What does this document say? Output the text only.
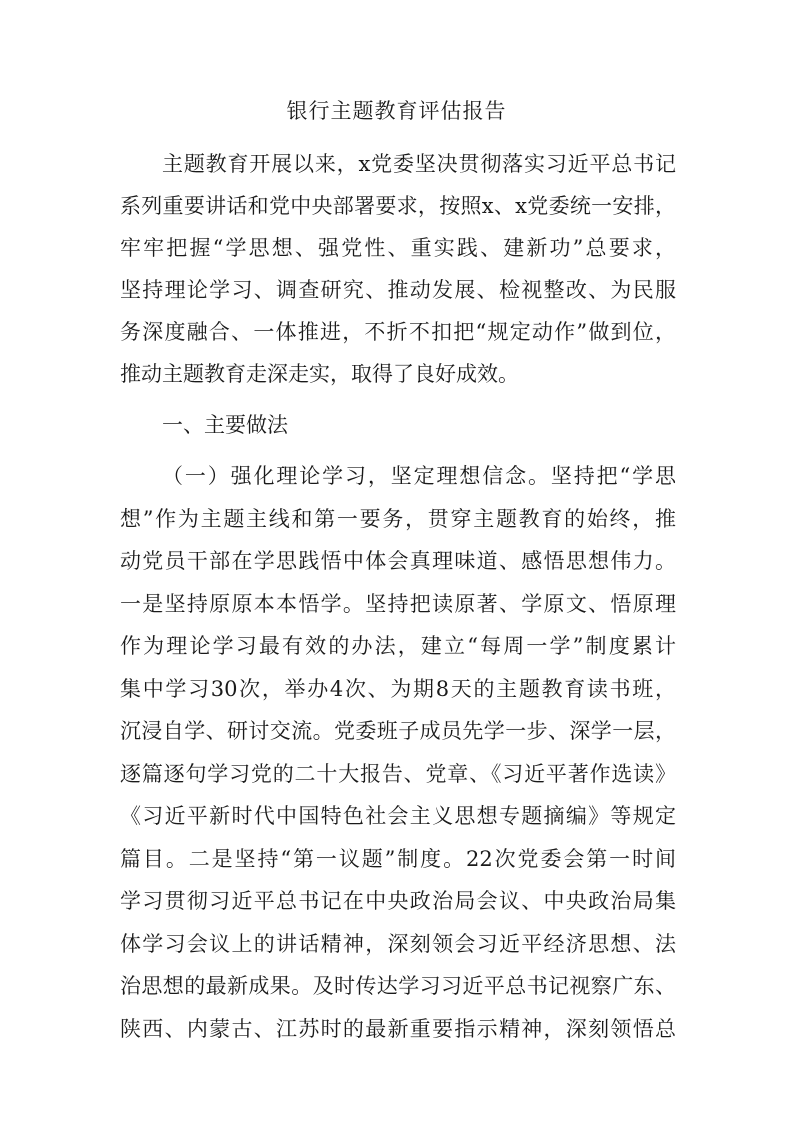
银行主题教育评估报告

主题教育开展以来，x党委坚决贯彻落实习近平总书记

系列重要讲话和党中央部署要求，按照x、x党委统一安排，

牢牢把握“学思想、强党性、重实践、建新功”总要求，

坚持理论学习、调查研究、推动发展、检视整改、为民服

务深度融合、一体推进，不折不扣把“规定动作”做到位，

推动主题教育走深走实，取得了良好成效。

一、主要做法

（一）强化理论学习，坚定理想信念。坚持把“学思

想”作为主题主线和第一要务，贯穿主题教育的始终，推

动党员干部在学思践悟中体会真理味道、感悟思想伟力。

一是坚持原原本本悟学。坚持把读原著、学原文、悟原理

作为理论学习最有效的办法，建立“每周一学”制度累计

集中学习30次，举办4次、为期8天的主题教育读书班，

沉浸自学、研讨交流。党委班子成员先学一步、深学一层，

逐篇逐句学习党的二十大报告、党章、《习近平著作选读》

《习近平新时代中国特色社会主义思想专题摘编》等规定

篇目。二是坚持“第一议题”制度。22次党委会第一时间

学习贯彻习近平总书记在中央政治局会议、中央政治局集

体学习会议上的讲话精神，深刻领会习近平经济思想、法

治思想的最新成果。及时传达学习习近平总书记视察广东、

陕西、内蒙古、江苏时的最新重要指示精神，深刻领悟总
